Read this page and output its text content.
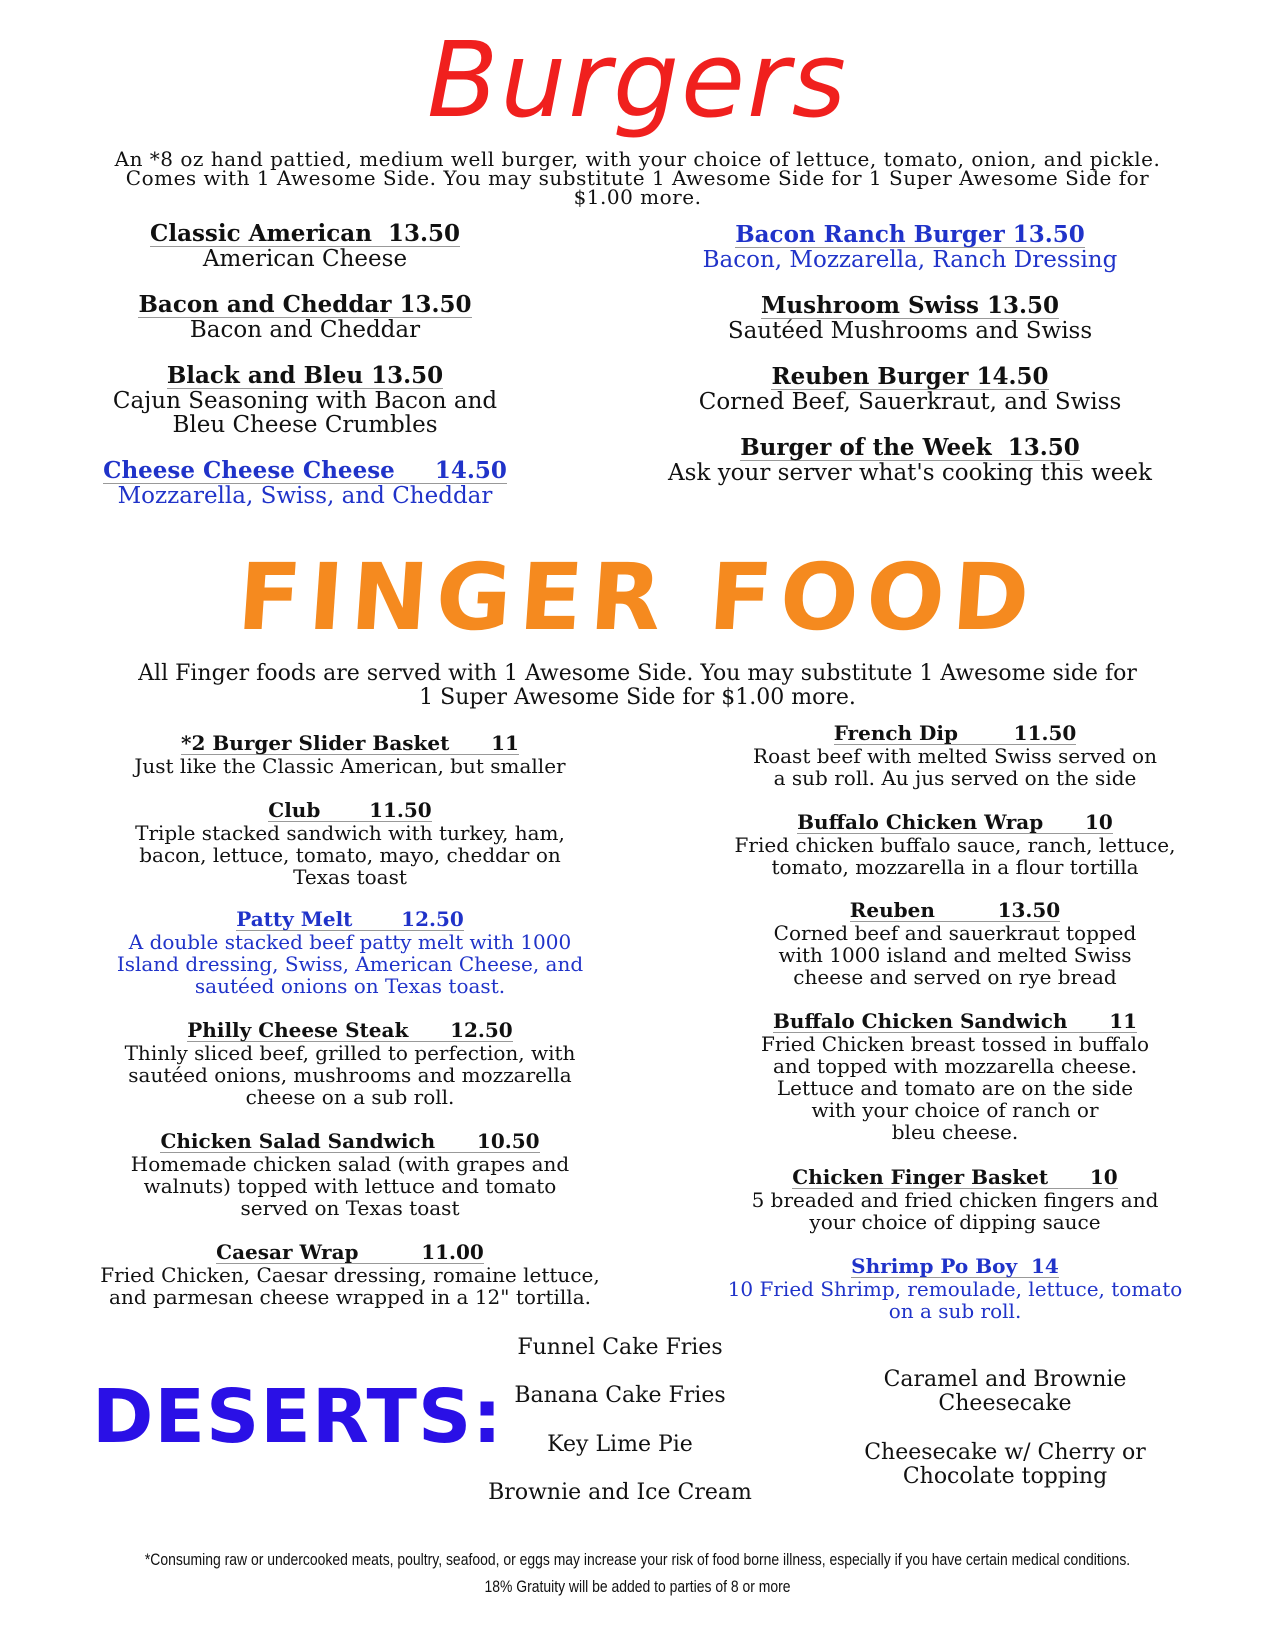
Burgers
An *8 oz hand pattied, medium well burger, with your choice of lettuce, tomato, onion, and pickle. Comes with 1 Awesome Side. You may substitute 1 Awesome Side for 1 Super Awesome Side for $1.00 more.
Classic American  13.50
American Cheese
Bacon and Cheddar 13.50
Bacon and Cheddar
Black and Bleu 13.50
Cajun Seasoning with Bacon and
Bleu Cheese Crumbles
Cheese Cheese Cheese     14.50
Mozzarella, Swiss, and Cheddar
Bacon Ranch Burger 13.50
Bacon, Mozzarella, Ranch Dressing
Mushroom Swiss 13.50
Sautéed Mushrooms and Swiss
Reuben Burger 14.50
Corned Beef, Sauerkraut, and Swiss
Burger of the Week  13.50
Ask your server what's cooking this week
FINGER FOOD
All Finger foods are served with 1 Awesome Side. You may substitute 1 Awesome side for
1 Super Awesome Side for $1.00 more.
*2 Burger Slider Basket      11
Just like the Classic American, but smaller
Club       11.50
Triple stacked sandwich with turkey, ham,
bacon, lettuce, tomato, mayo, cheddar on
Texas toast
Patty Melt       12.50
A double stacked beef patty melt with 1000
Island dressing, Swiss, American Cheese, and
sautéed onions on Texas toast.
Philly Cheese Steak      12.50
Thinly sliced beef, grilled to perfection, with
sautéed onions, mushrooms and mozzarella
cheese on a sub roll.
Chicken Salad Sandwich      10.50
Homemade chicken salad (with grapes and
walnuts) topped with lettuce and tomato
served on Texas toast
Caesar Wrap         11.00
Fried Chicken, Caesar dressing, romaine lettuce,
and parmesan cheese wrapped in a 12" tortilla.
French Dip        11.50
Roast beef with melted Swiss served on
a sub roll. Au jus served on the side
Buffalo Chicken Wrap      10
Fried chicken buffalo sauce, ranch, lettuce,
tomato, mozzarella in a flour tortilla
Reuben         13.50
Corned beef and sauerkraut topped
with 1000 island and melted Swiss
cheese and served on rye bread
Buffalo Chicken Sandwich      11
Fried Chicken breast tossed in buffalo
and topped with mozzarella cheese.
Lettuce and tomato are on the side
with your choice of ranch or
bleu cheese.
Chicken Finger Basket      10
5 breaded and fried chicken fingers and
your choice of dipping sauce
Shrimp Po Boy  14
10 Fried Shrimp, remoulade, lettuce, tomato
on a sub roll.
DESERTS:
Funnel Cake Fries
Banana Cake Fries
Key Lime Pie
Brownie and Ice Cream
Caramel and Brownie
Cheesecake
Cheesecake w/ Cherry or
Chocolate topping
*Consuming raw or undercooked meats, poultry, seafood, or eggs may increase your risk of food borne illness, especially if you have certain medical conditions.
18% Gratuity will be added to parties of 8 or more
